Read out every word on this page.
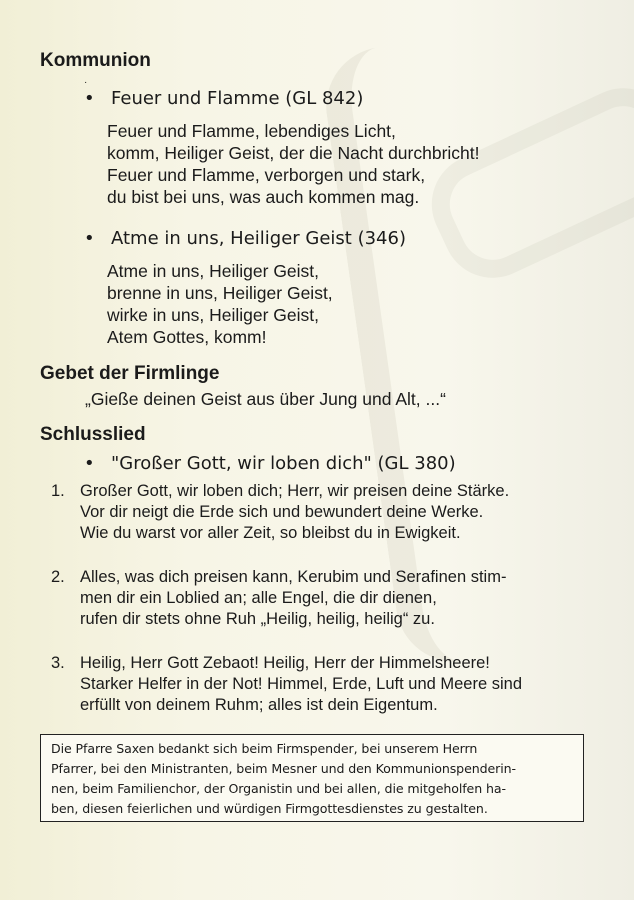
Kommunion
·
• Feuer und Flamme (GL 842)
Feuer und Flamme, lebendiges Licht,
komm, Heiliger Geist, der die Nacht durchbricht!
Feuer und Flamme, verborgen und stark,
du bist bei uns, was auch kommen mag.
• Atme in uns, Heiliger Geist (346)
Atme in uns, Heiliger Geist,
brenne in uns, Heiliger Geist,
wirke in uns, Heiliger Geist,
Atem Gottes, komm!
Gebet der Firmlinge
„Gieße deinen Geist aus über Jung und Alt, ...“
Schlusslied
• "Großer Gott, wir loben dich" (GL 380)
1. Großer Gott, wir loben dich; Herr, wir preisen deine Stärke.
Vor dir neigt die Erde sich und bewundert deine Werke.
Wie du warst vor aller Zeit, so bleibst du in Ewigkeit.
2. Alles, was dich preisen kann, Kerubim und Serafinen stim-
men dir ein Loblied an; alle Engel, die dir dienen,
rufen dir stets ohne Ruh „Heilig, heilig, heilig“ zu.
3. Heilig, Herr Gott Zebaot! Heilig, Herr der Himmelsheere!
Starker Helfer in der Not! Himmel, Erde, Luft und Meere sind
erfüllt von deinem Ruhm; alles ist dein Eigentum.
Die Pfarre Saxen bedankt sich beim Firmspender, bei unserem Herrn
Pfarrer, bei den Ministranten, beim Mesner und den Kommunionspenderin-
nen, beim Familienchor, der Organistin und bei allen, die mitgeholfen ha-
ben, diesen feierlichen und würdigen Firmgottesdienstes zu gestalten.
